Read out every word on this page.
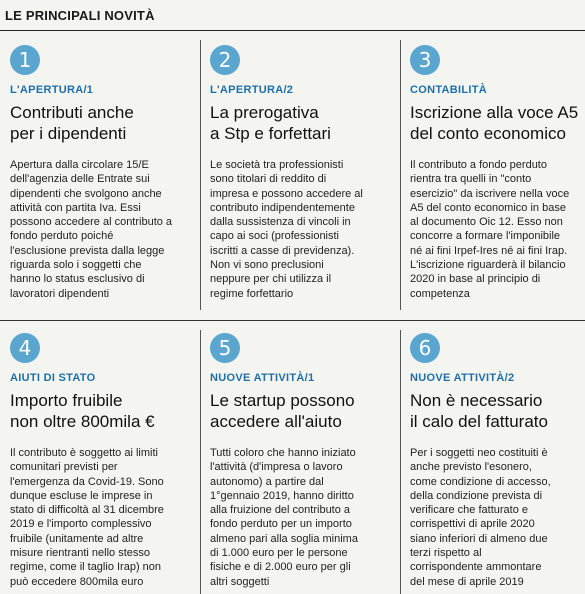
LE PRINCIPALI NOVITÀ
1
L'APERTURA/1
Contributi anche
per i dipendenti
Apertura dalla circolare 15/E
dell'agenzia delle Entrate sui
dipendenti che svolgono anche
attività con partita Iva. Essi
possono accedere al contributo a
fondo perduto poiché
l'esclusione prevista dalla legge
riguarda solo i soggetti che
hanno lo status esclusivo di
lavoratori dipendenti
2
L'APERTURA/2
La prerogativa
a Stp e forfettari
Le società tra professionisti
sono titolari di reddito di
impresa e possono accedere al
contributo indipendentemente
dalla sussistenza di vincoli in
capo ai soci (professionisti
iscritti a casse di previdenza).
Non vi sono preclusioni
neppure per chi utilizza il
regime forfettario
3
CONTABILITÀ
Iscrizione alla voce A5
del conto economico
Il contributo a fondo perduto
rientra tra quelli in "conto
esercizio" da iscrivere nella voce
A5 del conto economico in base
al documento Oic 12. Esso non
concorre a formare l'imponibile
né ai fini Irpef-Ires né ai fini Irap.
L'iscrizione riguarderà il bilancio
2020 in base al principio di
competenza
4
AIUTI DI STATO
Importo fruibile
non oltre 800mila €
Il contributo è soggetto ai limiti
comunitari previsti per
l'emergenza da Covid-19. Sono
dunque escluse le imprese in
stato di difficoltà al 31 dicembre
2019 e l'importo complessivo
fruibile (unitamente ad altre
misure rientranti nello stesso
regime, come il taglio Irap) non
può eccedere 800mila euro
5
NUOVE ATTIVITÀ/1
Le startup possono
accedere all'aiuto
Tutti coloro che hanno iniziato
l'attività (d'impresa o lavoro
autonomo) a partire dal
1°gennaio 2019, hanno diritto
alla fruizione del contributo a
fondo perduto per un importo
almeno pari alla soglia minima
di 1.000 euro per le persone
fisiche e di 2.000 euro per gli
altri soggetti
6
NUOVE ATTIVITÀ/2
Non è necessario
il calo del fatturato
Per i soggetti neo costituiti è
anche previsto l'esonero,
come condizione di accesso,
della condizione prevista di
verificare che fatturato e
corrispettivi di aprile 2020
siano inferiori di almeno due
terzi rispetto al
corrispondente ammontare
del mese di aprile 2019
